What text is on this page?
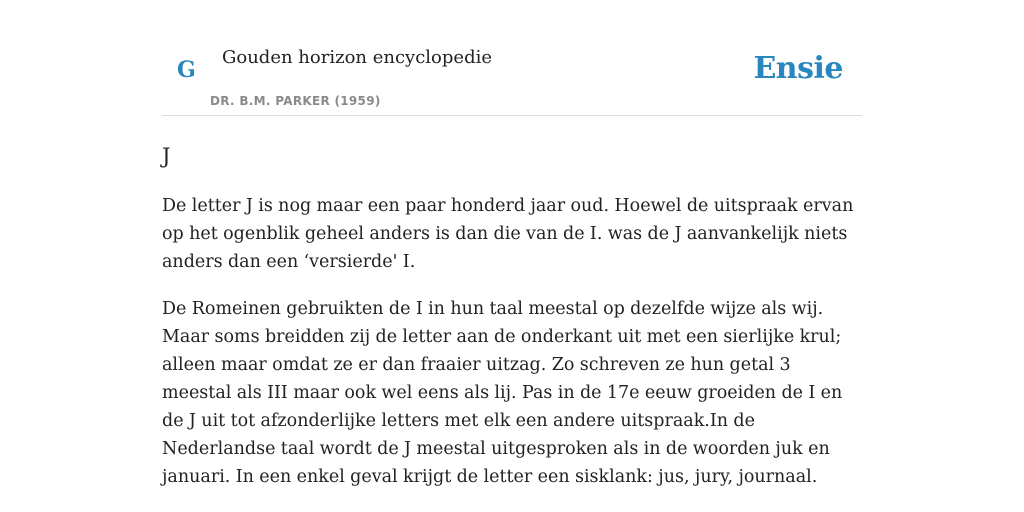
G Gouden horizon encyclopedie
DR. B.M. PARKER (1959)
Ensie
J

De letter J is nog maar een paar honderd jaar oud. Hoewel de uitspraak ervan op het ogenblik geheel anders is dan die van de I. was de J aanvankelijk niets anders dan een ‘versierde' I.

De Romeinen gebruikten de I in hun taal meestal op dezelfde wijze als wij. Maar soms breidden zij de letter aan de onderkant uit met een sierlijke krul; alleen maar omdat ze er dan fraaier uitzag. Zo schreven ze hun getal 3 meestal als III maar ook wel eens als lij. Pas in de 17e eeuw groeiden de I en de J uit tot afzonderlijke letters met elk een andere uitspraak.In de Nederlandse taal wordt de J meestal uitgesproken als in de woorden juk en januari. In een enkel geval krijgt de letter een sisklank: jus, jury, journaal.
